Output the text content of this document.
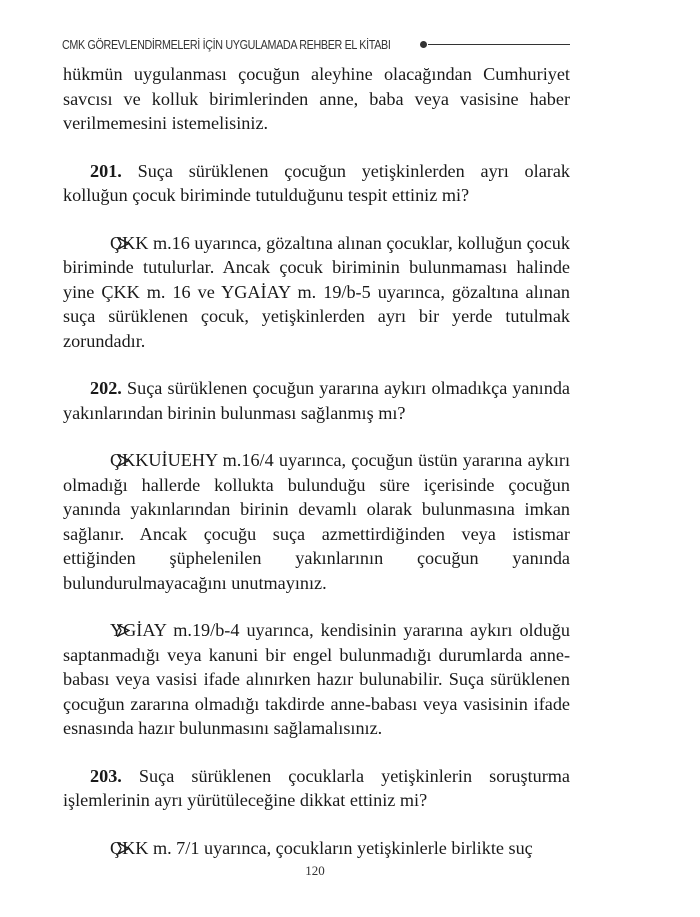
CMK GÖREVLENDİRMELERİ İÇİN UYGULAMADA REHBER EL KİTABI

hükmün uygulanması çocuğun aleyhine olacağından Cumhuriyet savcısı ve kolluk birimlerinden anne, baba veya vasisine haber verilmemesini istemelisiniz.

201. Suça sürüklenen çocuğun yetişkinlerden ayrı olarak kolluğun çocuk biriminde tutulduğunu tespit ettiniz mi?

ÇKK m.16 uyarınca, gözaltına alınan çocuklar, kolluğun çocuk biriminde tutulurlar. Ancak çocuk biriminin bulunmaması halinde yine ÇKK m. 16 ve YGAİAY m. 19/b-5 uyarınca, gözaltına alınan suça sürüklenen çocuk, yetişkinlerden ayrı bir yerde tutulmak zorundadır.

202. Suça sürüklenen çocuğun yararına aykırı olmadıkça yanında yakınlarından birinin bulunması sağlanmış mı?

ÇKKUİUEHY m.16/4 uyarınca, çocuğun üstün yararına aykırı olmadığı hallerde kollukta bulunduğu süre içerisinde çocuğun yanında yakınlarından birinin devamlı olarak bulunmasına imkan sağlanır. Ancak çocuğu suça azmettirdiğinden veya istismar ettiğinden şüphelenilen yakınlarının çocuğun yanında bulundurulmayacağını unutmayınız.

YGİAY m.19/b-4 uyarınca, kendisinin yararına aykırı olduğu saptanmadığı veya kanuni bir engel bulunmadığı durumlarda anne-babası veya vasisi ifade alınırken hazır bulunabilir. Suça sürüklenen çocuğun zararına olmadığı takdirde anne-babası veya vasisinin ifade esnasında hazır bulunmasını sağlamalısınız.

203. Suça sürüklenen çocuklarla yetişkinlerin soruşturma işlemlerinin ayrı yürütüleceğine dikkat ettiniz mi?

ÇKK m. 7/1 uyarınca, çocukların yetişkinlerle birlikte suç

120
